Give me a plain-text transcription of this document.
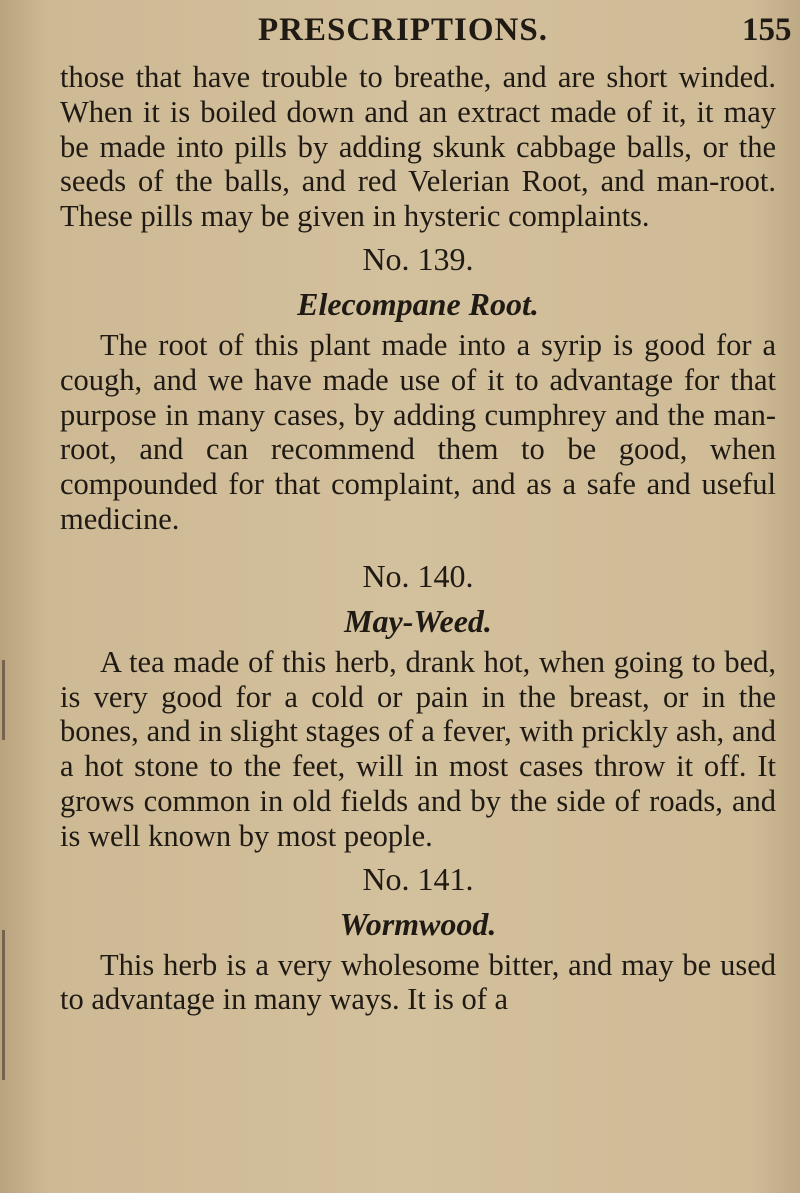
PRESCRIPTIONS.	155

those that have trouble to breathe, and are short winded. When it is boiled down and an extract made of it, it may be made into pills by adding skunk cabbage balls, or the seeds of the balls, and red Velerian Root, and man-root. These pills may be given in hysteric complaints.

No. 139.
Elecompane Root.

The root of this plant made into a syrip is good for a cough, and we have made use of it to advantage for that purpose in many cases, by adding cumphrey and the man-root, and can recommend them to be good, when compounded for that complaint, and as a safe and useful medicine.

No. 140.
May-Weed.

A tea made of this herb, drank hot, when going to bed, is very good for a cold or pain in the breast, or in the bones, and in slight stages of a fever, with prickly ash, and a hot stone to the feet, will in most cases throw it off. It grows common in old fields and by the side of roads, and is well known by most people.

No. 141.
Wormwood.

This herb is a very wholesome bitter, and may be used to advantage in many ways. It is of a
